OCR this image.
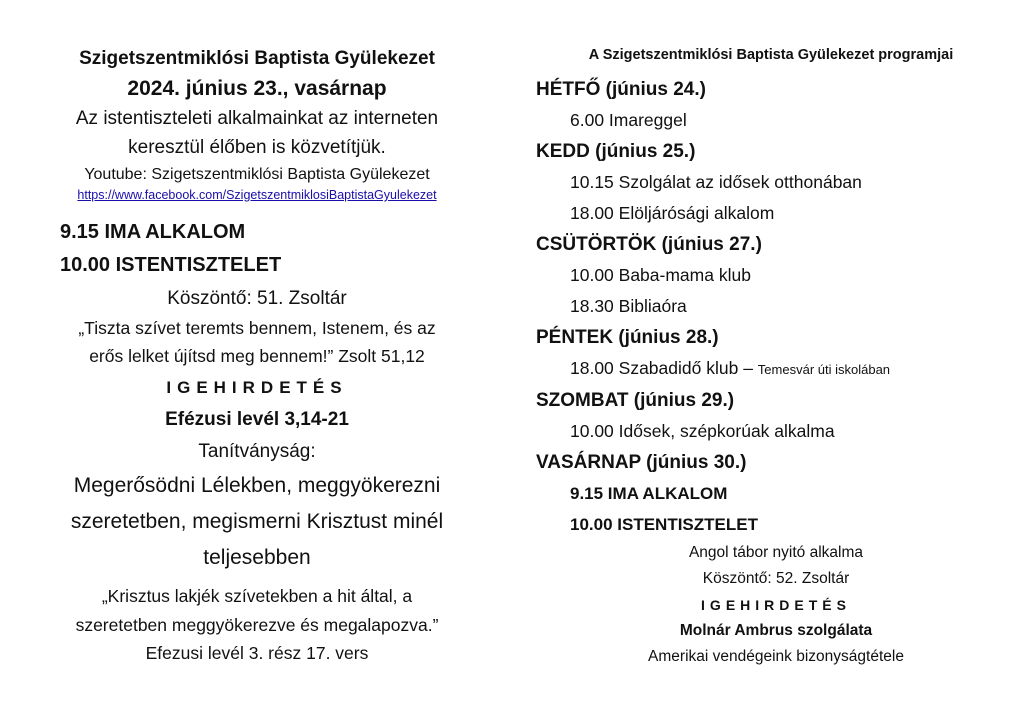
Szigetszentmiklósi Baptista Gyülekezet
2024. június 23., vasárnap
Az istentiszteleti alkalmainkat az interneten
keresztül élőben is közvetítjük.
Youtube: Szigetszentmiklósi Baptista Gyülekezet
https://www.facebook.com/SzigetszentmiklosiBaptistaGyulekezet
9.15 IMA ALKALOM
10.00 ISTENTISZTELET
Köszöntő: 51. Zsoltár
„Tiszta szívet teremts bennem, Istenem, és az
erős lelket újítsd meg bennem!” Zsolt 51,12
IGEHIRDETÉS
Efézusi levél 3,14-21
Tanítványság:
Megerősödni Lélekben, meggyökerezni
szeretetben, megismerni Krisztust minél
teljesebben
„Krisztus lakjék szívetekben a hit által, a
szeretetben meggyökerezve és megalapozva.”
Efezusi levél 3. rész 17. vers
A Szigetszentmiklósi Baptista Gyülekezet programjai
HÉTFŐ (június 24.)
6.00 Imareggel
KEDD (június 25.)
10.15 Szolgálat az idősek otthonában
18.00 Elöljárósági alkalom
CSÜTÖRTÖK (június 27.)
10.00 Baba-mama klub
18.30 Bibliaóra
PÉNTEK (június 28.)
18.00 Szabadidő klub – Temesvár úti iskolában
SZOMBAT (június 29.)
10.00 Idősek, szépkorúak alkalma
VASÁRNAP (június 30.)
9.15 IMA ALKALOM
10.00 ISTENTISZTELET
Angol tábor nyitó alkalma
Köszöntő: 52. Zsoltár
IGEHIRDETÉS
Molnár Ambrus szolgálata
Amerikai vendégeink bizonyságtétele
